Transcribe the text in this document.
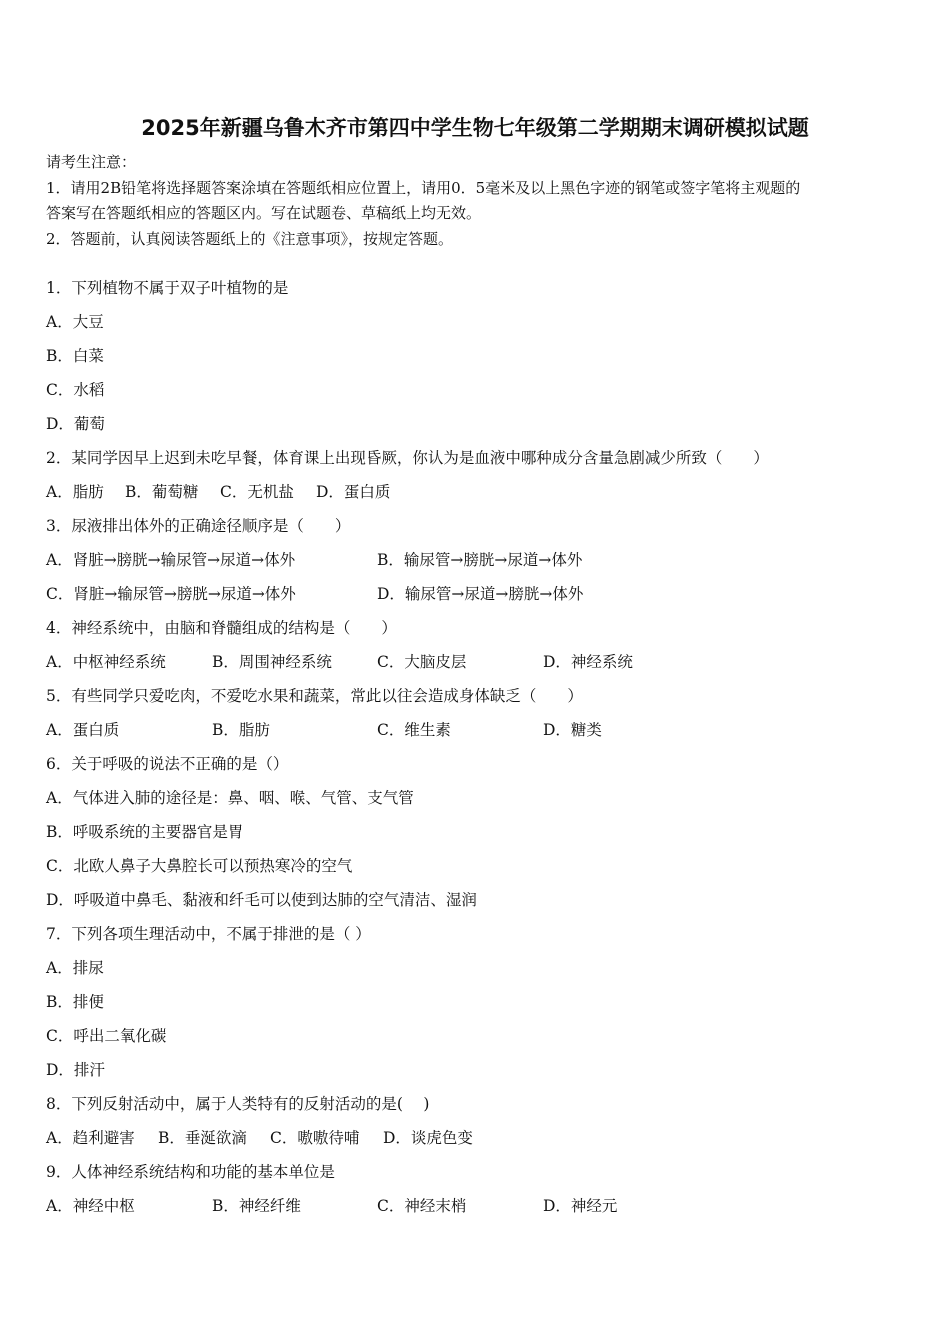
2025年新疆乌鲁木齐市第四中学生物七年级第二学期期末调研模拟试题
请考生注意：
1．请用2B铅笔将选择题答案涂填在答题纸相应位置上，请用0．5毫米及以上黑色字迹的钢笔或签字笔将主观题的
答案写在答题纸相应的答题区内。写在试题卷、草稿纸上均无效。
2．答题前，认真阅读答题纸上的《注意事项》，按规定答题。
1．下列植物不属于双子叶植物的是
A．大豆
B．白菜
C．水稻
D．葡萄
2．某同学因早上迟到未吃早餐，体育课上出现昏厥，你认为是血液中哪种成分含量急剧减少所致（　　）
A．脂肪 B．葡萄糖 C．无机盐 D．蛋白质
3．尿液排出体外的正确途径顺序是（　　）
A．肾脏→膀胱→输尿管→尿道→体外	B．输尿管→膀胱→尿道→体外
C．肾脏→输尿管→膀胱→尿道→体外	D．输尿管→尿道→膀胱→体外
4．神经系统中，由脑和脊髓组成的结构是（　　）
A．中枢神经系统	B．周围神经系统	C．大脑皮层	D．神经系统
5．有些同学只爱吃肉，不爱吃水果和蔬菜，常此以往会造成身体缺乏（　　）
A．蛋白质	B．脂肪	C．维生素	D．糖类
6．关于呼吸的说法不正确的是（）
A．气体进入肺的途径是：鼻、咽、喉、气管、支气管
B．呼吸系统的主要器官是胃
C．北欧人鼻子大鼻腔长可以预热寒冷的空气
D．呼吸道中鼻毛、黏液和纤毛可以使到达肺的空气清洁、湿润
7．下列各项生理活动中，不属于排泄的是（ ）
A．排尿
B．排便
C．呼出二氧化碳
D．排汗
8．下列反射活动中，属于人类特有的反射活动的是(　 )
A．趋利避害 B．垂涎欲滴 C．嗷嗷待哺 D．谈虎色变
9．人体神经系统结构和功能的基本单位是
A．神经中枢	B．神经纤维	C．神经末梢	D．神经元
